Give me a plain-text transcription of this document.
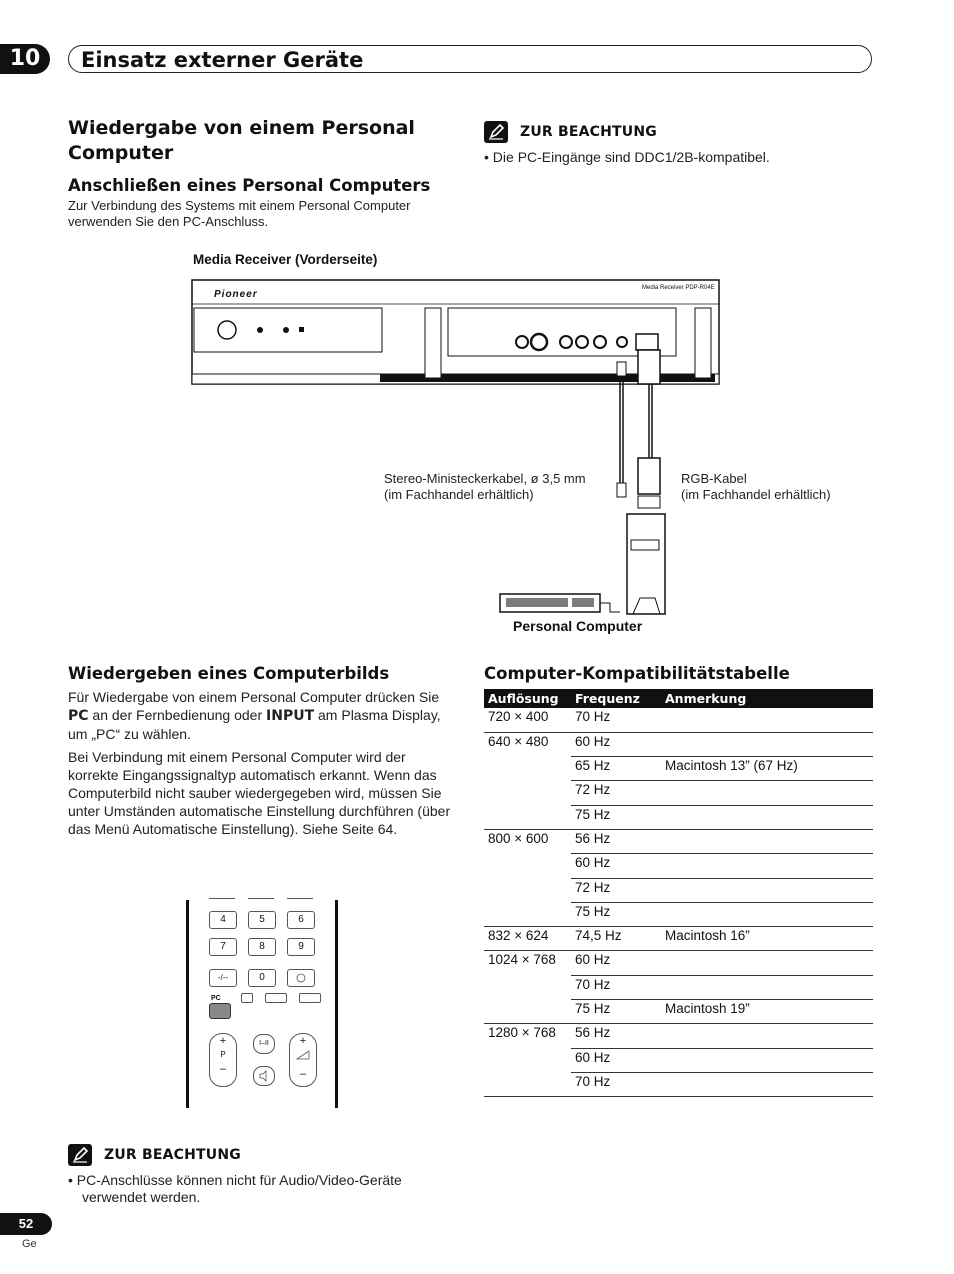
10	Einsatz externer Geräte
Wiedergabe von einem Personal Computer
Anschließen eines Personal Computers
Zur Verbindung des Systems mit einem Personal Computer verwenden Sie den PC-Anschluss.
ZUR BEACHTUNG
• Die PC-Eingänge sind DDC1/2B-kompatibel.
Media Receiver (Vorderseite)
Pioneer
Media Receiver PDP-R04E
Stereo-Ministeckerkabel, ø 3,5 mm
(im Fachhandel erhältlich)
RGB-Kabel
(im Fachhandel erhältlich)
Personal Computer
Wiedergeben eines Computerbilds

Für Wiedergabe von einem Personal Computer drücken Sie PC an der Fernbedienung oder INPUT am Plasma Display, um „PC“ zu wählen.

Bei Verbindung mit einem Personal Computer wird der korrekte Eingangssignaltyp automatisch erkannt. Wenn das Computerbild nicht sauber wiedergegeben wird, müssen Sie unter Umständen automatische Einstellung durchführen (über das Menü Automatische Einstellung). Siehe Seite 64.

4	5	6
7	8	9
-/--	0
PC
+
P
–
I–II	+
–
Computer-Kompatibilitätstabelle
Auflösung	Frequenz	Anmerkung
720 × 400	70 Hz	
640 × 480	60 Hz	
	65 Hz	Macintosh 13” (67 Hz)
	72 Hz	
	75 Hz	
800 × 600	56 Hz	
	60 Hz	
	72 Hz	
	75 Hz	
832 × 624	74,5 Hz	Macintosh 16”
1024 × 768	60 Hz	
	70 Hz	
	75 Hz	Macintosh 19”
1280 × 768	56 Hz	
	60 Hz	
	70 Hz	
ZUR BEACHTUNG
• PC-Anschlüsse können nicht für Audio/Video-Geräte verwendet werden.
52
Ge
